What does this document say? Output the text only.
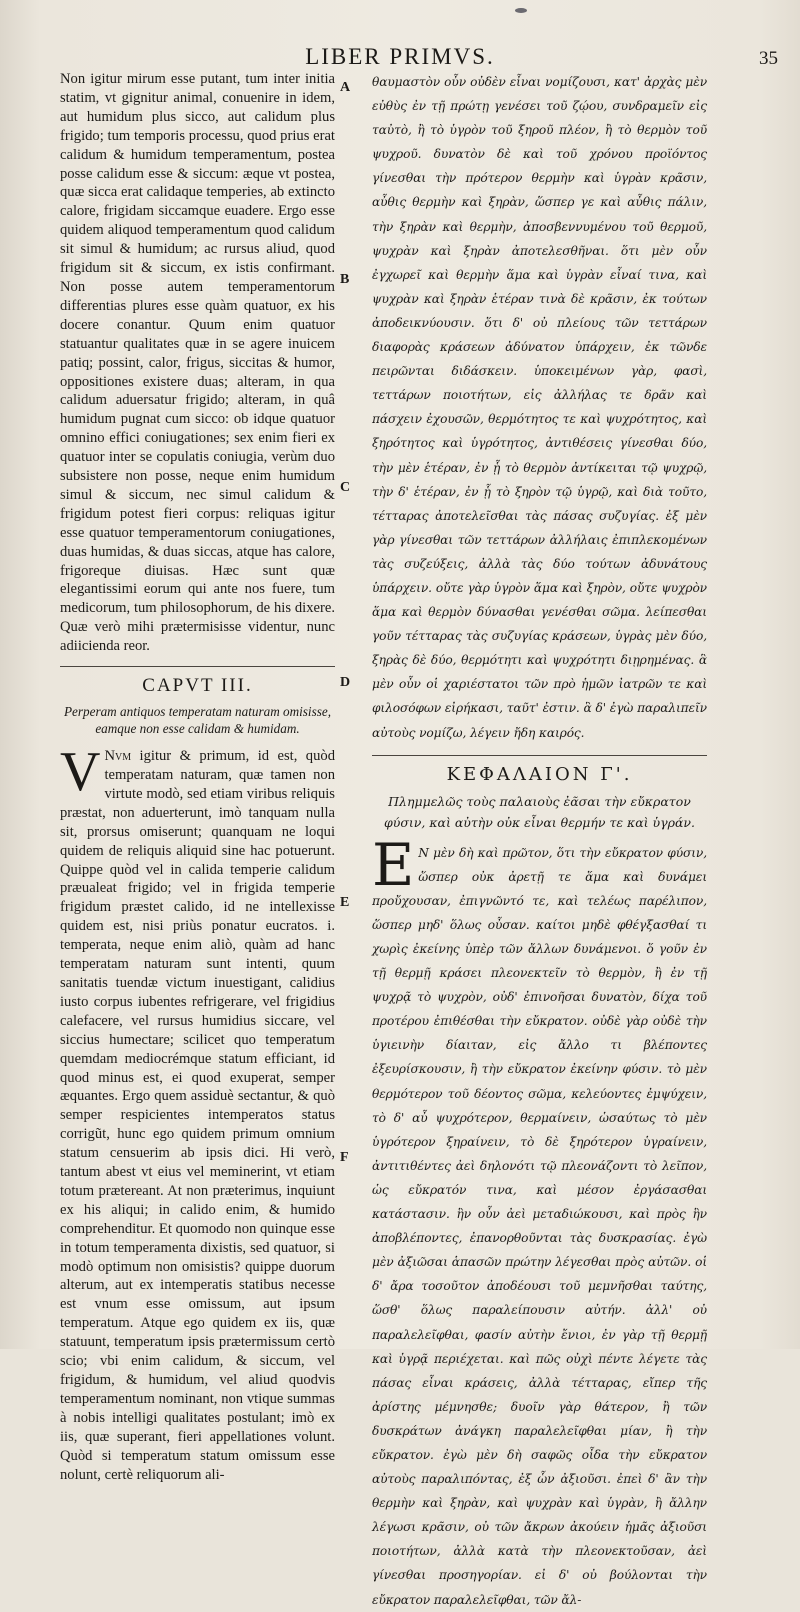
LIBER PRIMVS.	35
A
B
C
D
E
F

Non igitur mirum esse putant, tum inter initia statim, vt gignitur animal, conuenire in idem, aut humidum plus sicco, aut calidum plus frigido; tum temporis processu, quod prius erat calidum & humidum temperamentum, postea posse calidum esse & siccum: æque vt postea, quæ sicca erat calidaque temperies, ab extincto calore, frigidam siccamque euadere. Ergo esse quidem aliquod temperamentum quod calidum sit simul & humidum; ac rursus aliud, quod frigidum sit & siccum, ex istis confirmant. Non posse autem temperamentorum differentias plures esse quàm quatuor, ex his docere conantur. Quum enim quatuor statuantur qualitates quæ in se agere inuicem patiq; possint, calor, frigus, siccitas & humor, oppositiones existere duas; alteram, in qua calidum aduersatur frigido; alteram, in quâ humidum pugnat cum sicco: ob idque quatuor omnino effici coniugationes; sex enim fieri ex quatuor inter se copulatis coniugia, verùm duo subsistere non posse, neque enim humidum simul & siccum, nec simul calidum & frigidum potest fieri corpus: reliquas igitur esse quatuor temperamentorum coniugationes, duas humidas, & duas siccas, atque has calore, frigoreque diuisas. Hæc sunt quæ elegantissimi eorum qui ante nos fuere, tum medicorum, tum philosophorum, de his dixere. Quæ verò mihi prætermisisse videntur, nunc adiicienda reor.

CAPVT III.

Perperam antiquos temperatam naturam omisisse, eamque non esse calidam & humidam.

V Nvm igitur & primum, id est, quòd temperatam naturam, quæ tamen non virtute modò, sed etiam viribus reliquis præstat, non aduerterunt, imò tanquam nulla sit, prorsus omiserunt; quanquam ne loqui quidem de reliquis aliquid sine hac potuerunt. Quippe quòd vel in calida temperie calidum præualeat frigido; vel in frigida temperie frigidum præstet calido, id ne intellexisse quidem est, nisi priùs ponatur eucratos. i. temperata, neque enim aliò, quàm ad hanc temperatam naturam sunt intenti, quum sanitatis tuendæ victum inuestigant, calidius iusto corpus iubentes refrigerare, vel frigidius calefacere, vel rursus humidius siccare, vel siccius humectare; scilicet quo temperatum quemdam mediocrémque statum efficiant, id quod minus est, ei quod exuperat, semper æquantes. Ergo quem assiduè sectantur, & quò semper respicientes intemperatos status corrigũt, hunc ego quidem primum omnium statum censuerim ab ipsis dici. Hi verò, tantum abest vt eius vel meminerint, vt etiam totum prætereant. At non præterimus, inquiunt ex his aliqui; in calido enim, & humido comprehenditur. Et quomodo non quinque esse in totum temperamenta dixistis, sed quatuor, si modò optimum non omisistis? quippe duorum alterum, aut ex intemperatis statibus necesse est vnum esse omissum, aut ipsum temperatum. Atque ego quidem ex iis, quæ statuunt, temperatum ipsis prætermissum certò scio; vbi enim calidum, & siccum, vel frigidum, & humidum, vel aliud quodvis temperamentum nominant, non vtique summas à nobis intelligi qualitates postulant; imò ex iis, quæ superant, fieri appellationes volunt. Quòd si temperatum statum omissum esse nolunt, certè reliquorum ali-

θαυμαστὸν οὖν οὐδὲν εἶναι νομίζουσι, κατ' ἀρχὰς μὲν εὐθὺς ἐν τῇ πρώτῃ γενέσει τοῦ ζῴου, συνδραμεῖν εἰς ταὐτὸ, ἢ τὸ ὑγρὸν τοῦ ξηροῦ πλέον, ἢ τὸ θερμὸν τοῦ ψυχροῦ. δυνατὸν δὲ καὶ τοῦ χρόνου προϊόντος γίνεσθαι τὴν πρότερον θερμὴν καὶ ὑγρὰν κρᾶσιν, αὖθις θερμὴν καὶ ξηρὰν, ὥσπερ γε καὶ αὖθις πάλιν, τὴν ξηρὰν καὶ θερμὴν, ἀποσβεννυμένου τοῦ θερμοῦ, ψυχρὰν καὶ ξηρὰν ἀποτελεσθῆναι. ὅτι μὲν οὖν ἐγχωρεῖ καὶ θερμὴν ἅμα καὶ ὑγρὰν εἶναί τινα, καὶ ψυχρὰν καὶ ξηρὰν ἑτέραν τινὰ δὲ κρᾶσιν, ἐκ τούτων ἀποδεικνύουσιν. ὅτι δ' οὐ πλείους τῶν τεττάρων διαφορὰς κράσεων ἀδύνατον ὑπάρχειν, ἐκ τῶνδε πειρῶνται διδάσκειν. ὑποκειμένων γὰρ, φασὶ, τεττάρων ποιοτήτων, εἰς ἀλλήλας τε δρᾶν καὶ πάσχειν ἐχουσῶν, θερμότητος τε καὶ ψυχρότητος, καὶ ξηρότητος καὶ ὑγρότητος, ἀντιθέσεις γίνεσθαι δύο, τὴν μὲν ἑτέραν, ἐν ᾗ τὸ θερμὸν ἀντίκειται τῷ ψυχρῷ, τὴν δ' ἑτέραν, ἐν ᾗ τὸ ξηρὸν τῷ ὑγρῷ, καὶ διὰ τοῦτο, τέτταρας ἀποτελεῖσθαι τὰς πάσας συζυγίας. ἐξ μὲν γὰρ γίνεσθαι τῶν τεττάρων ἀλλήλαις ἐπιπλεκομένων τὰς συζεύξεις, ἀλλὰ τὰς δύο τούτων ἀδυνάτους ὑπάρχειν. οὔτε γὰρ ὑγρὸν ἅμα καὶ ξηρὸν, οὔτε ψυχρὸν ἅμα καὶ θερμὸν δύνασθαι γενέσθαι σῶμα. λείπεσθαι γοῦν τέτταρας τὰς συζυγίας κράσεων, ὑγρὰς μὲν δύο, ξηρὰς δὲ δύο, θερμότητι καὶ ψυχρότητι διῃρημένας. ἃ μὲν οὖν οἱ χαριέστατοι τῶν πρὸ ἡμῶν ἰατρῶν τε καὶ φιλοσόφων εἰρήκασι, ταῦτ' ἐστιν. ἃ δ' ἐγὼ παραλιπεῖν αὐτοὺς νομίζω, λέγειν ἤδη καιρός.

ΚΕΦΑΛΑΙΟΝ Γ'.

Πλημμελῶς τοὺς παλαιοὺς ἐᾶσαι τὴν εὔκρατον φύσιν, καὶ αὐτὴν οὐκ εἶναι θερμήν τε καὶ ὑγράν.

Ε Ν μὲν δὴ καὶ πρῶτον, ὅτι τὴν εὔκρατον φύσιν, ὥσπερ οὐκ ἀρετῇ τε ἅμα καὶ δυνάμει προὔχουσαν, ἐπιγνῶντό τε, καὶ τελέως παρέλιπον, ὥσπερ μηδ' ὅλως οὖσαν. καίτοι μηδὲ φθέγξασθαί τι χωρὶς ἐκείνης ὑπὲρ τῶν ἄλλων δυνάμενοι. ὅ γοῦν ἐν τῇ θερμῇ κράσει πλεονεκτεῖν τὸ θερμὸν, ἢ ἐν τῇ ψυχρᾷ τὸ ψυχρὸν, οὐδ' ἐπινοῆσαι δυνατὸν, δίχα τοῦ προτέρου ἐπιθέσθαι τὴν εὔκρατον. οὐδὲ γὰρ οὐδὲ τὴν ὑγιεινὴν δίαιταν, εἰς ἄλλο τι βλέποντες ἐξευρίσκουσιν, ἢ τὴν εὔκρατον ἐκείνην φύσιν. τὸ μὲν θερμότερον τοῦ δέοντος σῶμα, κελεύοντες ἐμψύχειν, τὸ δ' αὖ ψυχρότερον, θερμαίνειν, ὡσαύτως τὸ μὲν ὑγρότερον ξηραίνειν, τὸ δὲ ξηρότερον ὑγραίνειν, ἀντιτιθέντες ἀεὶ δηλονότι τῷ πλεονάζοντι τὸ λεῖπον, ὡς εὔκρατόν τινα, καὶ μέσον ἐργάσασθαι κατάστασιν. ἣν οὖν ἀεὶ μεταδιώκουσι, καὶ πρὸς ἣν ἀποβλέποντες, ἐπανορθοῦνται τὰς δυσκρασίας. ἐγὼ μὲν ἀξιῶσαι ἁπασῶν πρώτην λέγεσθαι πρὸς αὐτῶν. οἱ δ' ἄρα τοσοῦτον ἀποδέουσι τοῦ μεμνῆσθαι ταύτης, ὥσθ' ὅλως παραλείπουσιν αὐτήν. ἀλλ' οὐ παραλελεῖφθαι, φασίν αὐτὴν ἔνιοι, ἐν γὰρ τῇ θερμῇ καὶ ὑγρᾷ περιέχεται. καὶ πῶς οὐχὶ πέντε λέγετε τὰς πάσας εἶναι κράσεις, ἀλλὰ τέτταρας, εἴπερ τῆς ἀρίστης μέμνησθε; δυοῖν γὰρ θάτερον, ἢ τῶν δυσκράτων ἀνάγκη παραλελεῖφθαι μίαν, ἢ τὴν εὔκρατον. ἐγὼ μὲν δὴ σαφῶς οἶδα τὴν εὔκρατον αὐτοὺς παραλιπόντας, ἐξ ὧν ἀξιοῦσι. ἐπεὶ δ' ἂν τὴν θερμὴν καὶ ξηρὰν, καὶ ψυχρὰν καὶ ὑγρὰν, ἢ ἄλλην λέγωσι κρᾶσιν, οὐ τῶν ἄκρων ἀκούειν ἡμᾶς ἀξιοῦσι ποιοτήτων, ἀλλὰ κατὰ τὴν πλεονεκτοῦσαν, ἀεὶ γίνεσθαι προσηγορίαν. εἰ δ' οὐ βούλονται τὴν εὔκρατον παραλελεῖφθαι, τῶν ἄλ-
